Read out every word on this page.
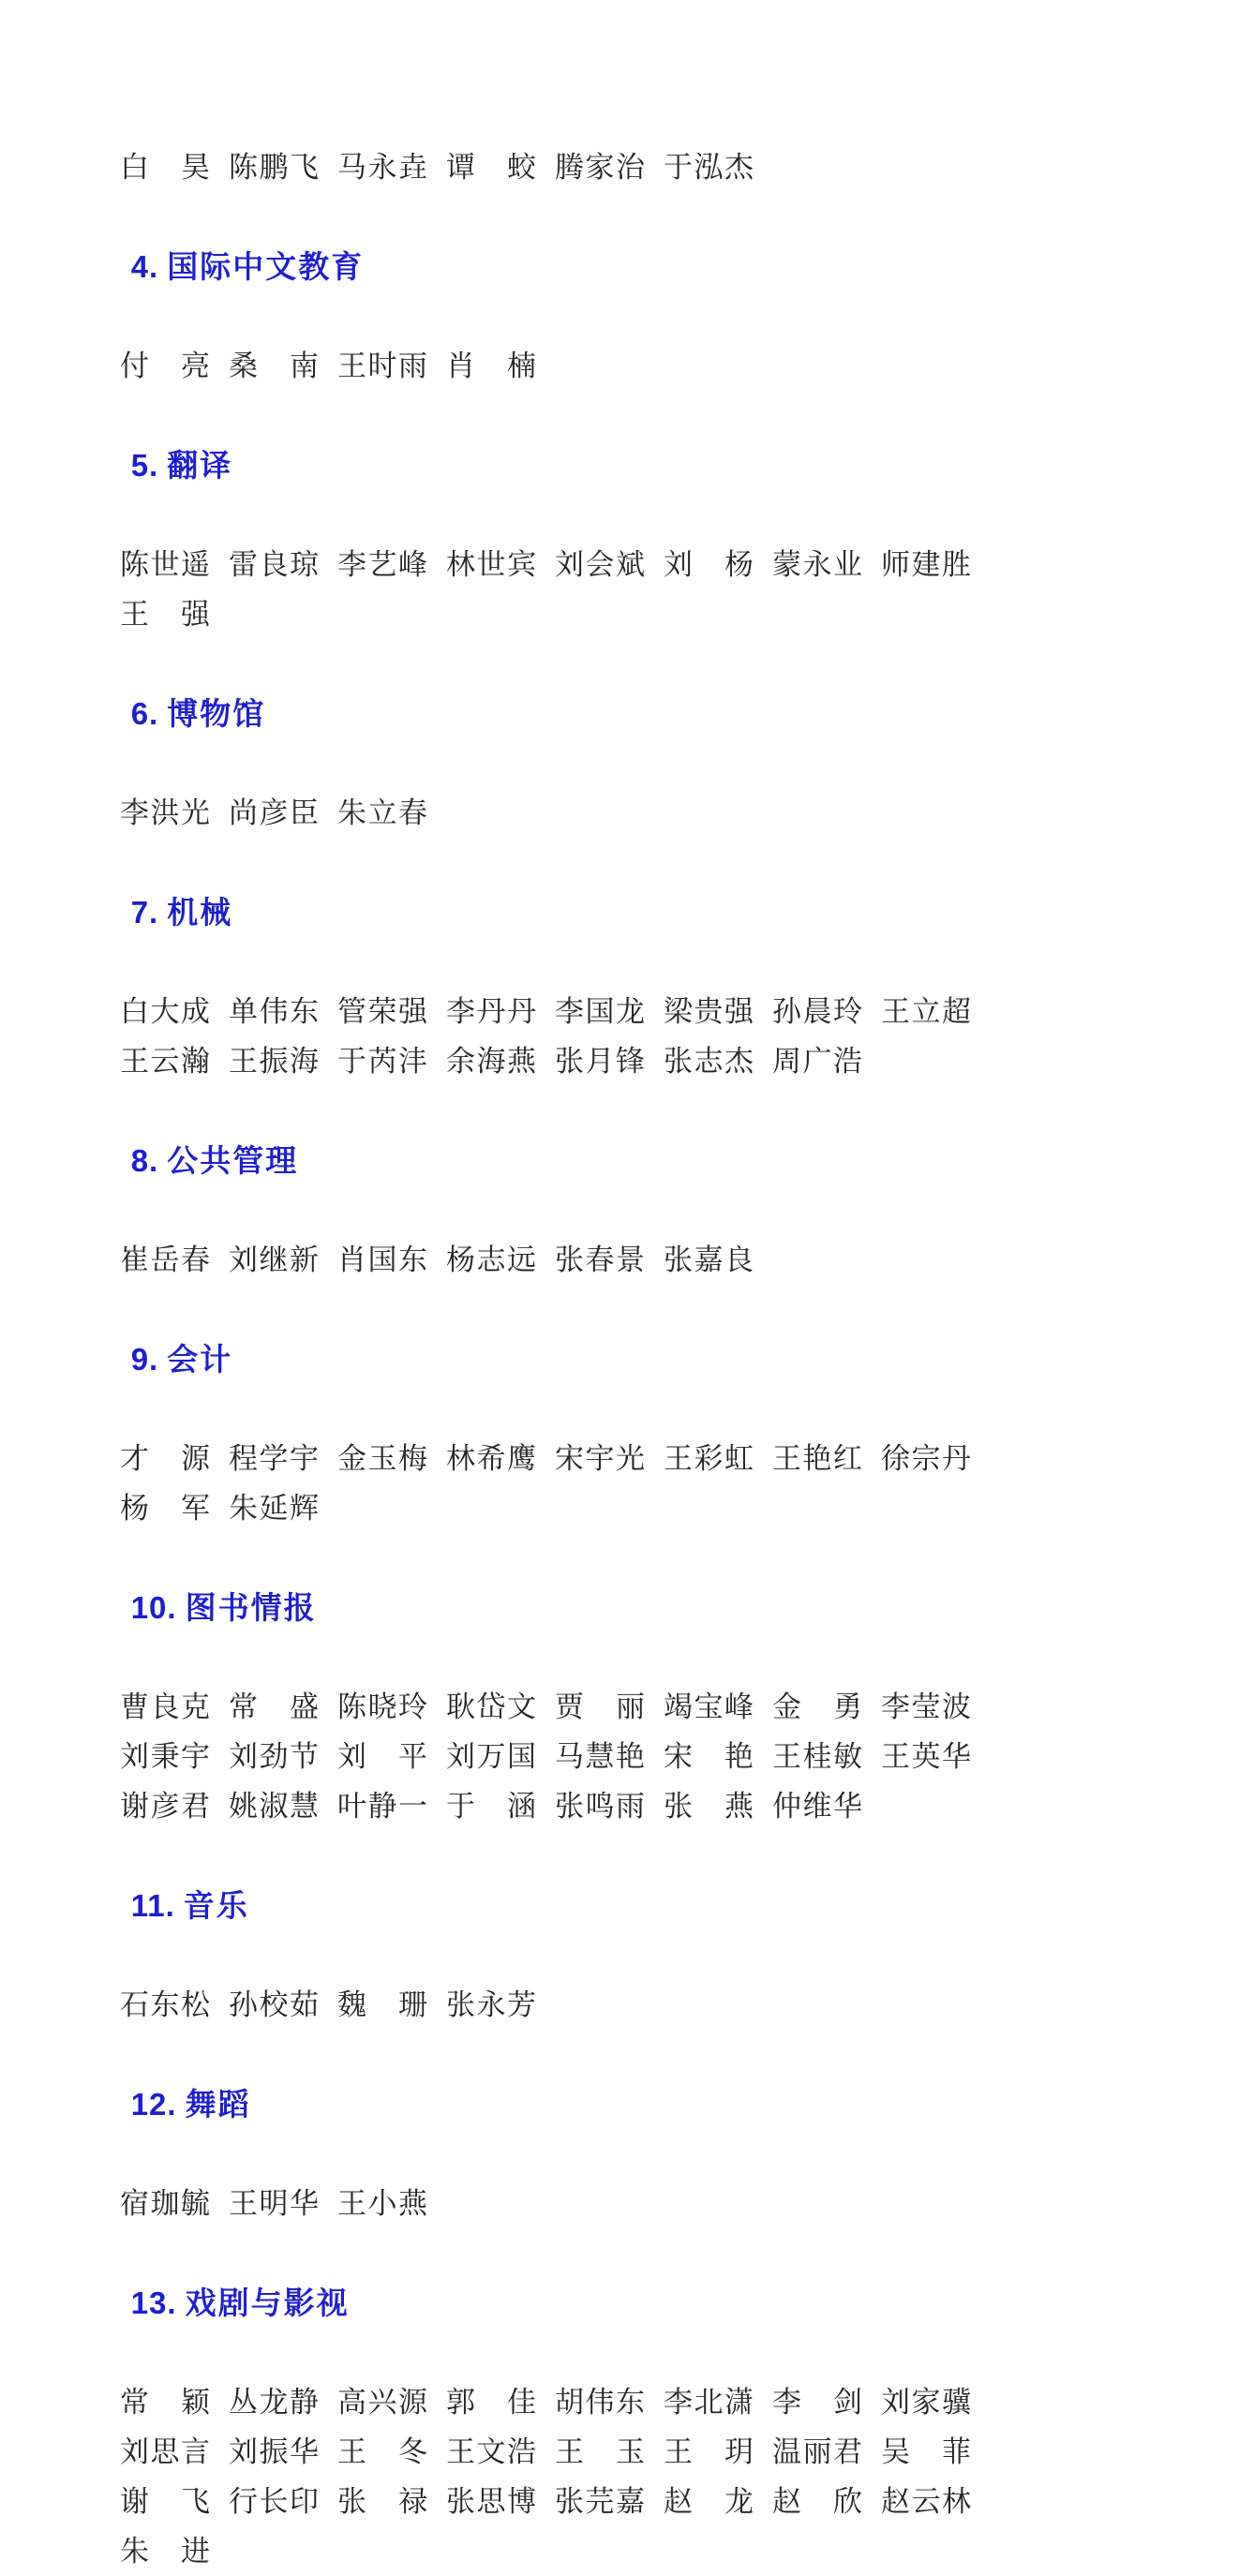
白　昊  陈鹏飞  马永垚  谭　蛟  腾家治  于泓杰

4. 国际中文教育

付　亮  桑　南  王时雨  肖　楠

5. 翻译

陈世遥  雷良琼  李艺峰  林世宾  刘会斌  刘　杨  蒙永业  师建胜
王　强

6. 博物馆

李洪光  尚彦臣  朱立春

7. 机械

白大成  单伟东  管荣强  李丹丹  李国龙  梁贵强  孙晨玲  王立超
王云瀚  王振海  于芮沣  余海燕  张月锋  张志杰  周广浩

8. 公共管理

崔岳春  刘继新  肖国东  杨志远  张春景  张嘉良

9. 会计

才　源  程学宇  金玉梅  林希鹰  宋宇光  王彩虹  王艳红  徐宗丹
杨　军  朱延辉

10. 图书情报

曹良克  常　盛  陈晓玲  耿岱文  贾　丽  竭宝峰  金　勇  李莹波
刘秉宇  刘劲节  刘　平  刘万国  马慧艳  宋　艳  王桂敏  王英华
谢彦君  姚淑慧  叶静一  于　涵  张鸣雨  张　燕  仲维华

11. 音乐

石东松  孙校茹  魏　珊  张永芳

12. 舞蹈

宿珈毓  王明华  王小燕

13. 戏剧与影视

常　颖  丛龙静  高兴源  郭　佳  胡伟东  李北潇  李　剑  刘家骥
刘思言  刘振华  王　冬  王文浩  王　玉  王　玥  温丽君  吴　菲
谢　飞  行长印  张　禄  张思博  张芫嘉  赵　龙  赵　欣  赵云林
朱　进
